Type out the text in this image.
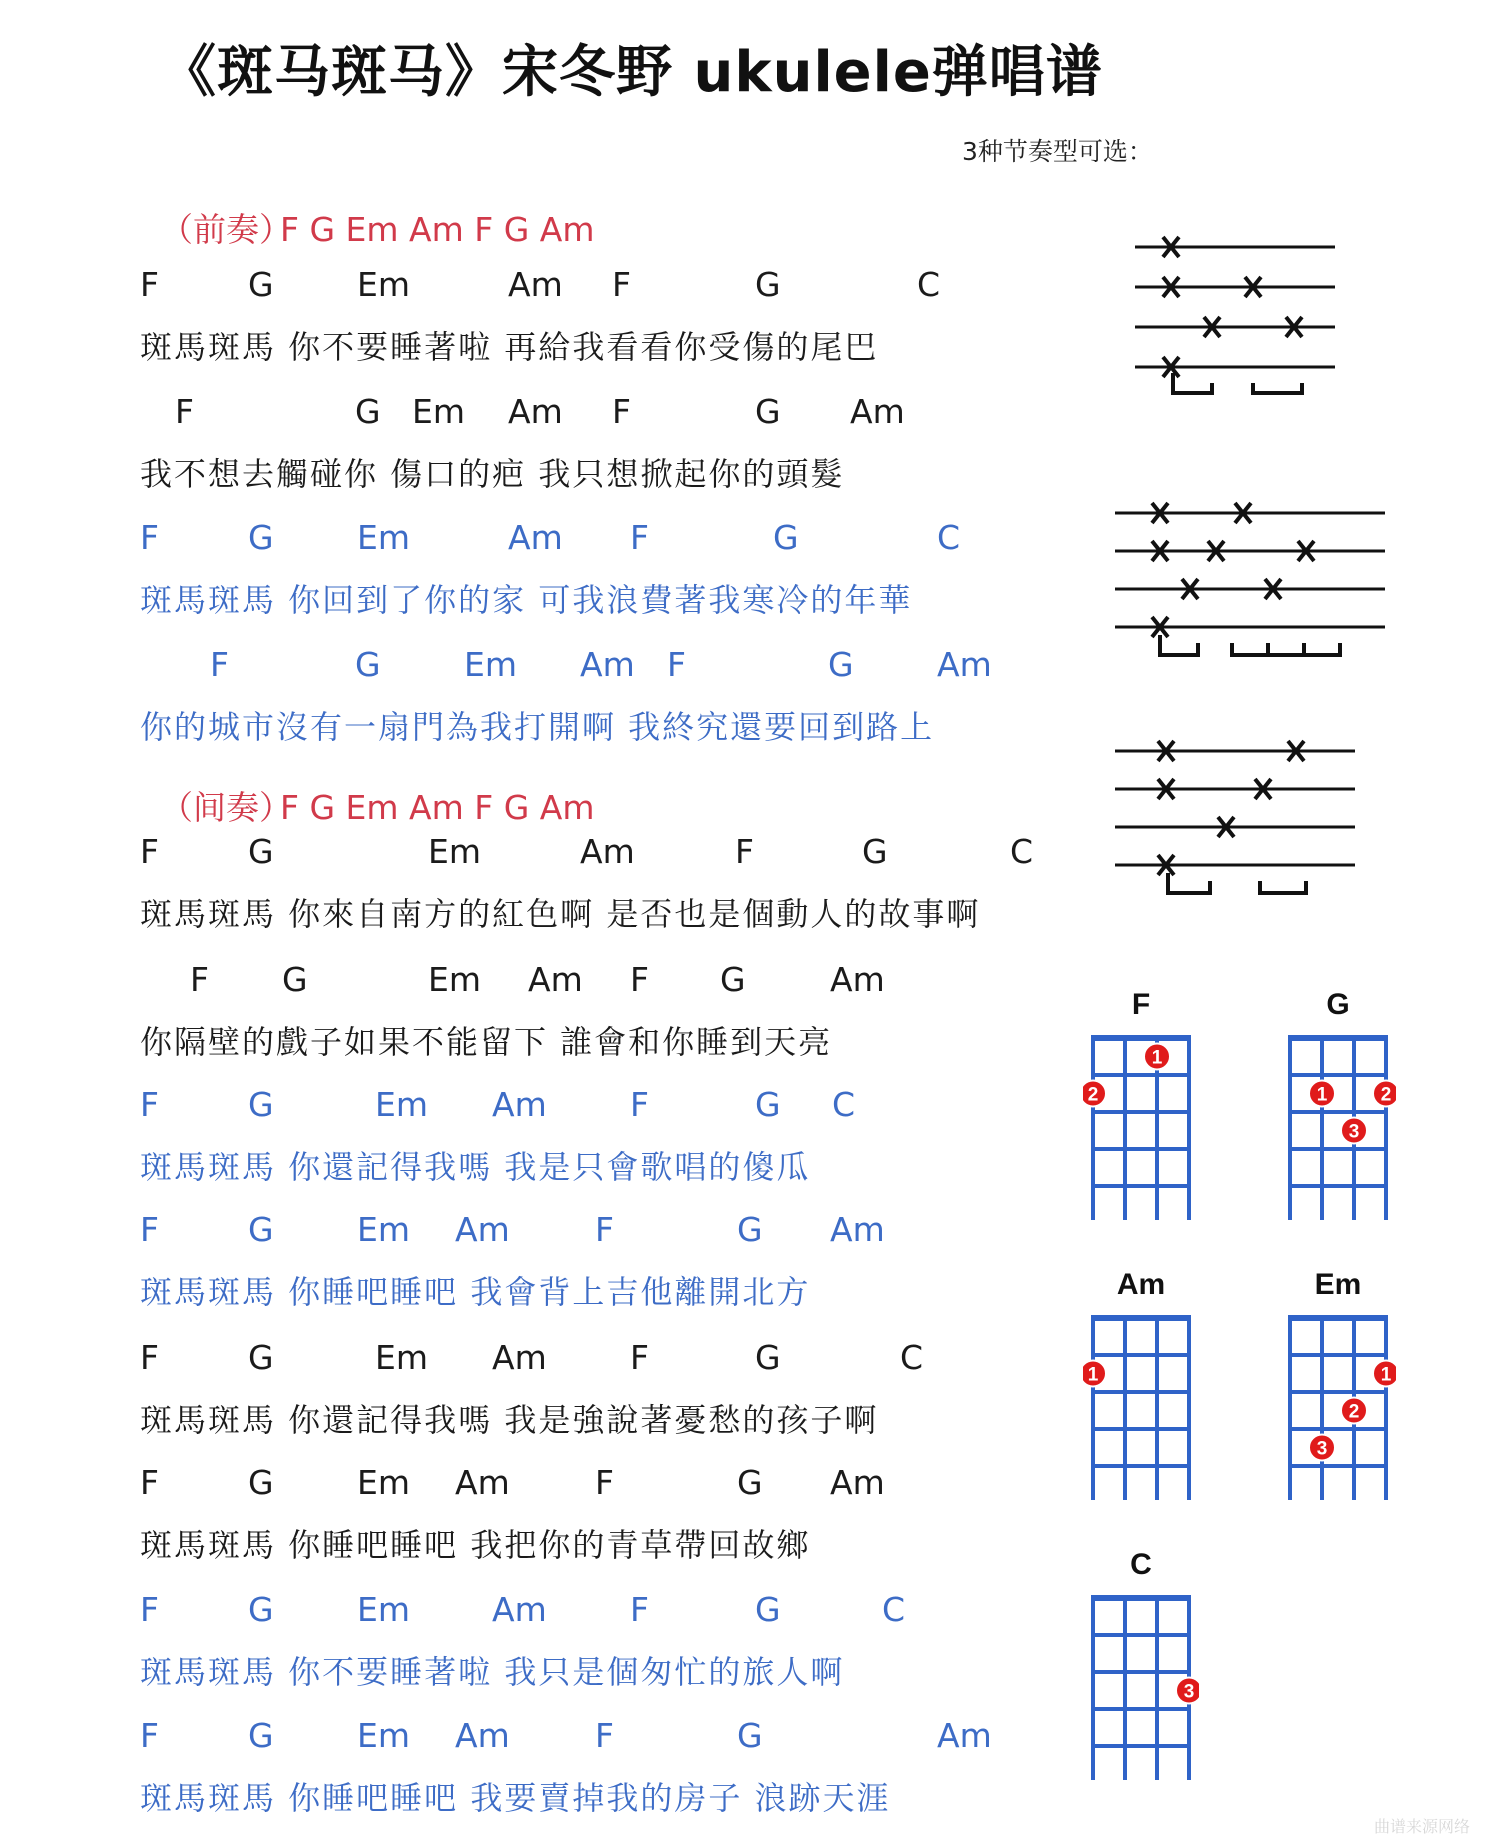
《斑马斑马》宋冬野 ukulele弹唱谱
3种节奏型可选：
（前奏）
F G Em Am F G Am
（间奏）
F G Em Am F G Am
F	G	Em	Am F	G	C
斑馬斑馬 你不要睡著啦 再給我看看你受傷的尾巴
F	G Em Am F	G Am
我不想去觸碰你 傷口的疤 我只想掀起你的頭髮
F	G	Em	Am F	G	C
斑馬斑馬 你回到了你的家 可我浪費著我寒冷的年華
F	G	Em Am F	G	Am
你的城市沒有一扇門為我打開啊 我終究還要回到路上
F	G	Em	Am	F	G	C
斑馬斑馬 你來自南方的紅色啊 是否也是個動人的故事啊
F G	Em Am F G	Am
你隔壁的戲子如果不能留下 誰會和你睡到天亮
F	G	Em Am	F	G C
斑馬斑馬 你還記得我嗎 我是只會歌唱的傻瓜
F	G	Em Am	F	G Am
斑馬斑馬 你睡吧睡吧 我會背上吉他離開北方
F	G	Em Am	F	G	C
斑馬斑馬 你還記得我嗎 我是強說著憂愁的孩子啊
F	G	Em Am	F	G Am
斑馬斑馬 你睡吧睡吧 我把你的青草帶回故鄉
F	G	Em Am	F	G	C
斑馬斑馬 你不要睡著啦 我只是個匆忙的旅人啊
F	G	Em Am	F	G	Am
斑馬斑馬 你睡吧睡吧 我要賣掉我的房子 浪跡天涯
F
1
2
G
1	2
3
Am
1
Em
1
2
3
C
3
曲谱来源网络
